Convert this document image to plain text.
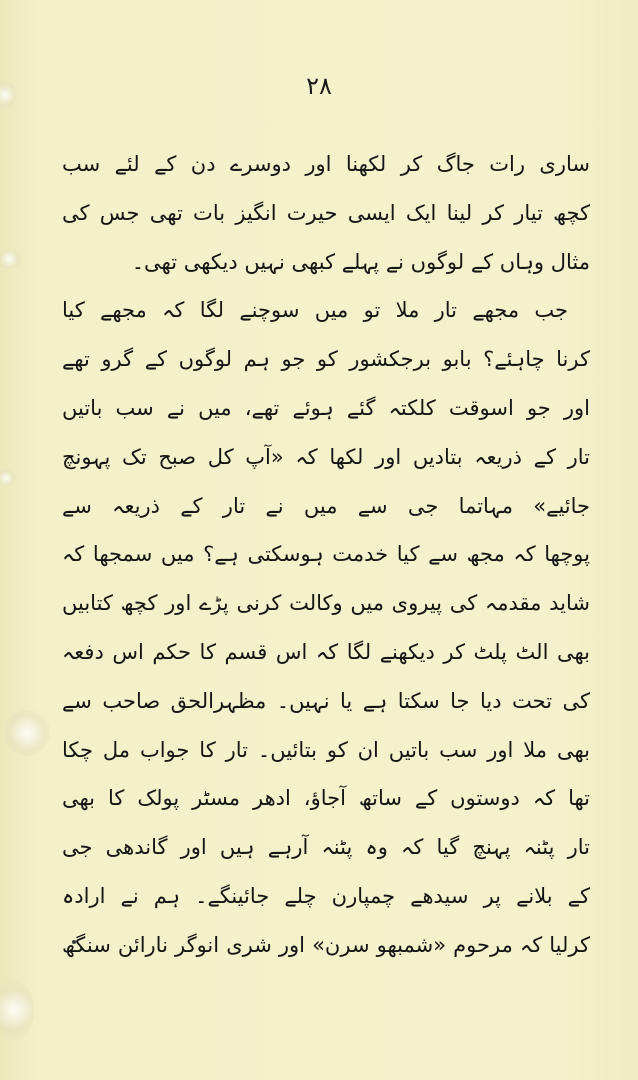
۲۸
ساری رات جاگ کر لکھنا اور دوسرے دن کے لئے سب
کچھ تیار کر لینا ایک ایسی حیرت انگیز بات تھی جس کی
مثال وہاں کے لوگوں نے پہلے کبھی نہیں دیکھی تھی۔
جب مجھے تار ملا تو میں سوچنے لگا کہ مجھے کیا
کرنا چاہئے؟ بابو برجکشور کو جو ہم لوگوں کے گرو تھے
اور جو اسوقت کلکتہ گئے ہوئے تھے، میں نے سب باتیں
تار کے ذریعہ بتادیں اور لکھا کہ «آپ کل صبح تک پہونچ
جائیے» مہاتما جی سے میں نے تار کے ذریعہ سے
پوچھا کہ مجھ سے کیا خدمت ہوسکتی ہے؟ میں سمجھا کہ
شاید مقدمہ کی پیروی میں وکالت کرنی پڑے اور کچھ کتابیں
بھی الٹ پلٹ کر دیکھنے لگا کہ اس قسم کا حکم اس دفعہ
کی تحت دیا جا سکتا ہے یا نہیں۔ مظہرالحق صاحب سے
بھی ملا اور سب باتیں ان کو بتائیں۔ تار کا جواب مل چکا
تھا کہ دوستوں کے ساتھ آجاؤ، ادھر مسٹر پولک کا بھی
تار پٹنہ پہنچ گیا کہ وہ پٹنہ آرہے ہیں اور گاندھی جی
کے بلانے پر سیدھے چمپارن چلے جائینگے۔ ہم نے ارادہ
کرلیا کہ مرحوم «شمبھو سرن» اور شری انوگر نارائن سنگھ
